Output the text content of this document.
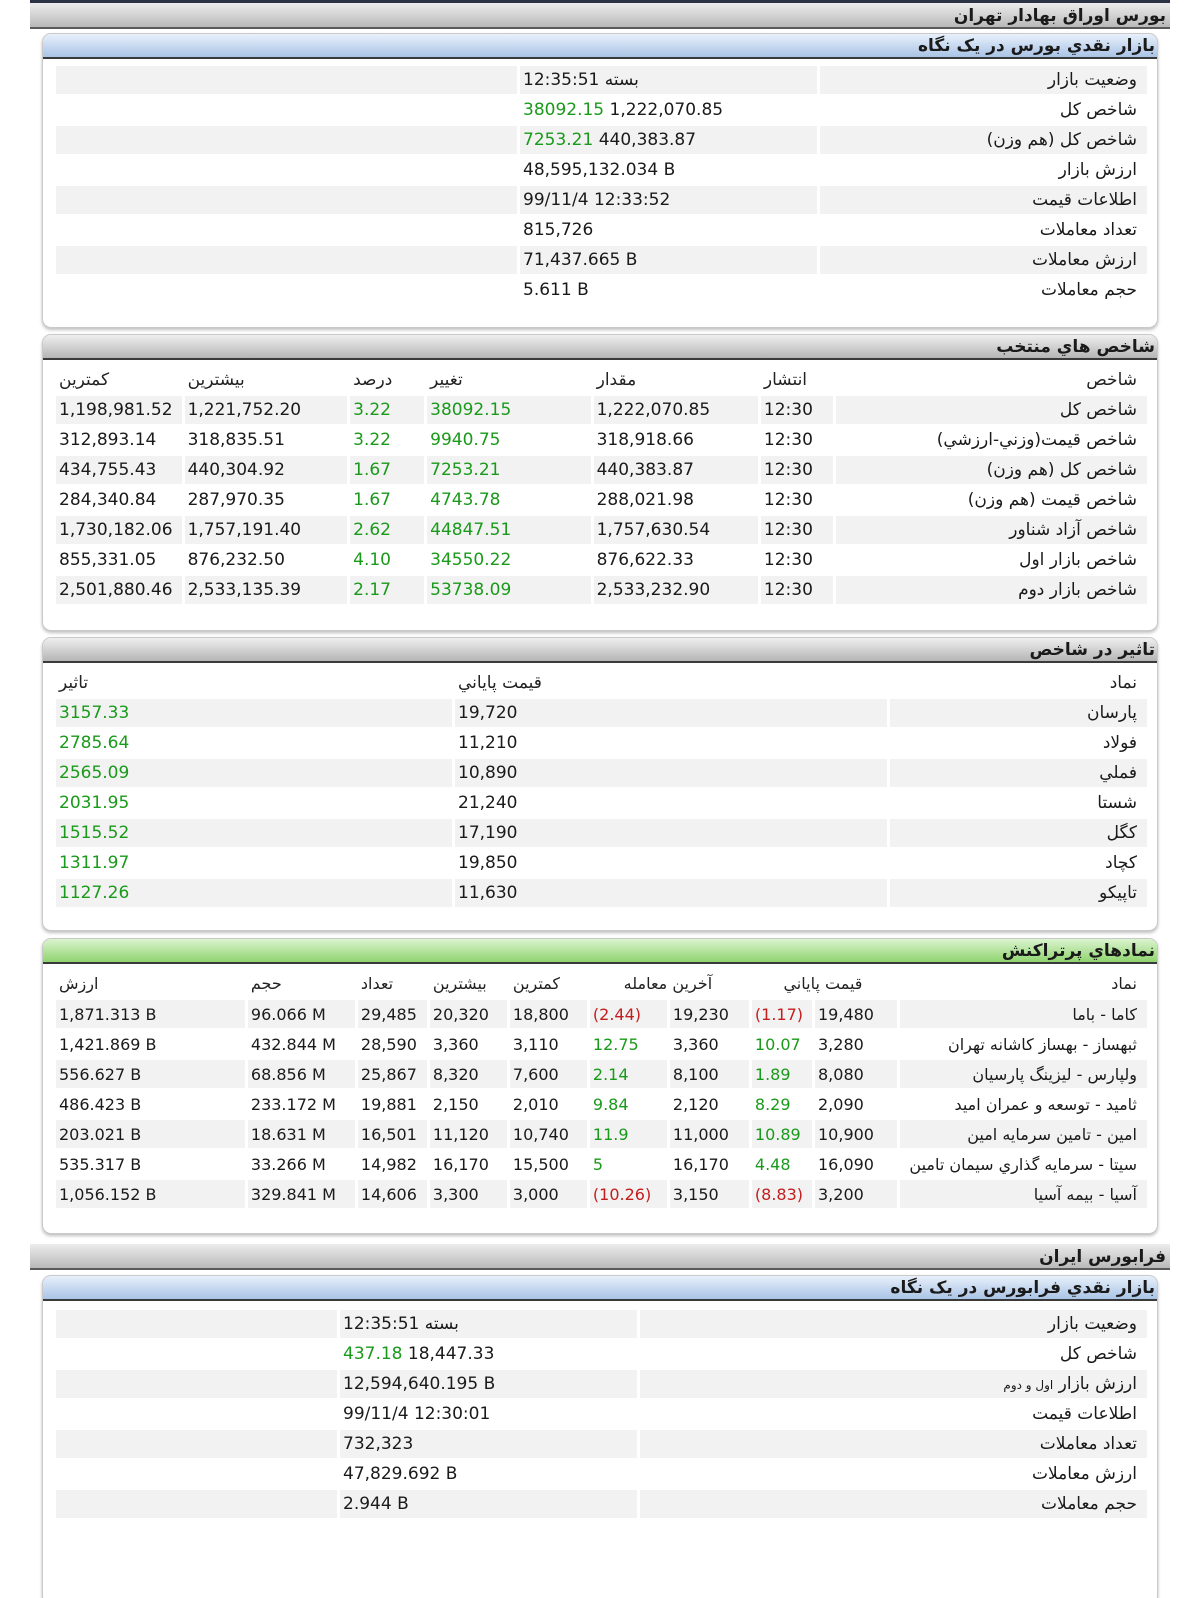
بورس اوراق بهادار تهران
بازار نقدي بورس در يک نگاه
وضعيت بازار	12:35:51 بسته	
شاخص کل	38092.15 1,222,070.85	
شاخص کل (هم وزن)	7253.21 440,383.87	
ارزش بازار	48,595,132.034 B	
اطلاعات قيمت	99/11/4 12:33:52	
تعداد معاملات	815,726	
ارزش معاملات	71,437.665 B	
حجم معاملات	5.611 B	
شاخص هاي منتخب
شاخص	انتشار	مقدار	تغيير	درصد	بيشترين	کمترين
شاخص کل	12:30	1,222,070.85	38092.15	3.22	1,221,752.20	1,198,981.52
شاخص قيمت(وزني-ارزشي)	12:30	318,918.66	9940.75	3.22	318,835.51	312,893.14
شاخص کل (هم وزن)	12:30	440,383.87	7253.21	1.67	440,304.92	434,755.43
شاخص قيمت (هم وزن)	12:30	288,021.98	4743.78	1.67	287,970.35	284,340.84
شاخص آزاد شناور	12:30	1,757,630.54	44847.51	2.62	1,757,191.40	1,730,182.06
شاخص بازار اول	12:30	876,622.33	34550.22	4.10	876,232.50	855,331.05
شاخص بازار دوم	12:30	2,533,232.90	53738.09	2.17	2,533,135.39	2,501,880.46
تاثير در شاخص
نماد	قيمت پاياني	تاثير
پارسان	19,720	3157.33
فولاد	11,210	2785.64
فملي	10,890	2565.09
شستا	21,240	2031.95
کگل	17,190	1515.52
کچاد	19,850	1311.97
تاپيکو	11,630	1127.26
نمادهاي پرتراکنش
نماد	قيمت پاياني		آخرين معامله		کمترين	بيشترين	تعداد	حجم	ارزش
کاما - باما	19,480	(1.17)	19,230	(2.44)	18,800	20,320	29,485	96.066 M	1,871.313 B
ثبهساز - بهساز کاشانه تهران	3,280	10.07	3,360	12.75	3,110	3,360	28,590	432.844 M	1,421.869 B
ولپارس - ليزينگ پارسيان	8,080	1.89	8,100	2.14	7,600	8,320	25,867	68.856 M	556.627 B
ثاميد - توسعه و عمران اميد	2,090	8.29	2,120	9.84	2,010	2,150	19,881	233.172 M	486.423 B
امين - تامين سرمايه امين	10,900	10.89	11,000	11.9	10,740	11,120	16,501	18.631 M	203.021 B
سيتا - سرمايه گذاري سيمان تامين	16,090	4.48	16,170	5	15,500	16,170	14,982	33.266 M	535.317 B
آسيا - بيمه آسيا	3,200	(8.83)	3,150	(10.26)	3,000	3,300	14,606	329.841 M	1,056.152 B
فرابورس ايران
بازار نقدي فرابورس در يک نگاه
وضعيت بازار	12:35:51 بسته	
شاخص کل	437.18 18,447.33	
ارزش بازار اول و دوم	12,594,640.195 B	
اطلاعات قيمت	99/11/4 12:30:01	
تعداد معاملات	732,323	
ارزش معاملات	47,829.692 B	
حجم معاملات	2.944 B	
